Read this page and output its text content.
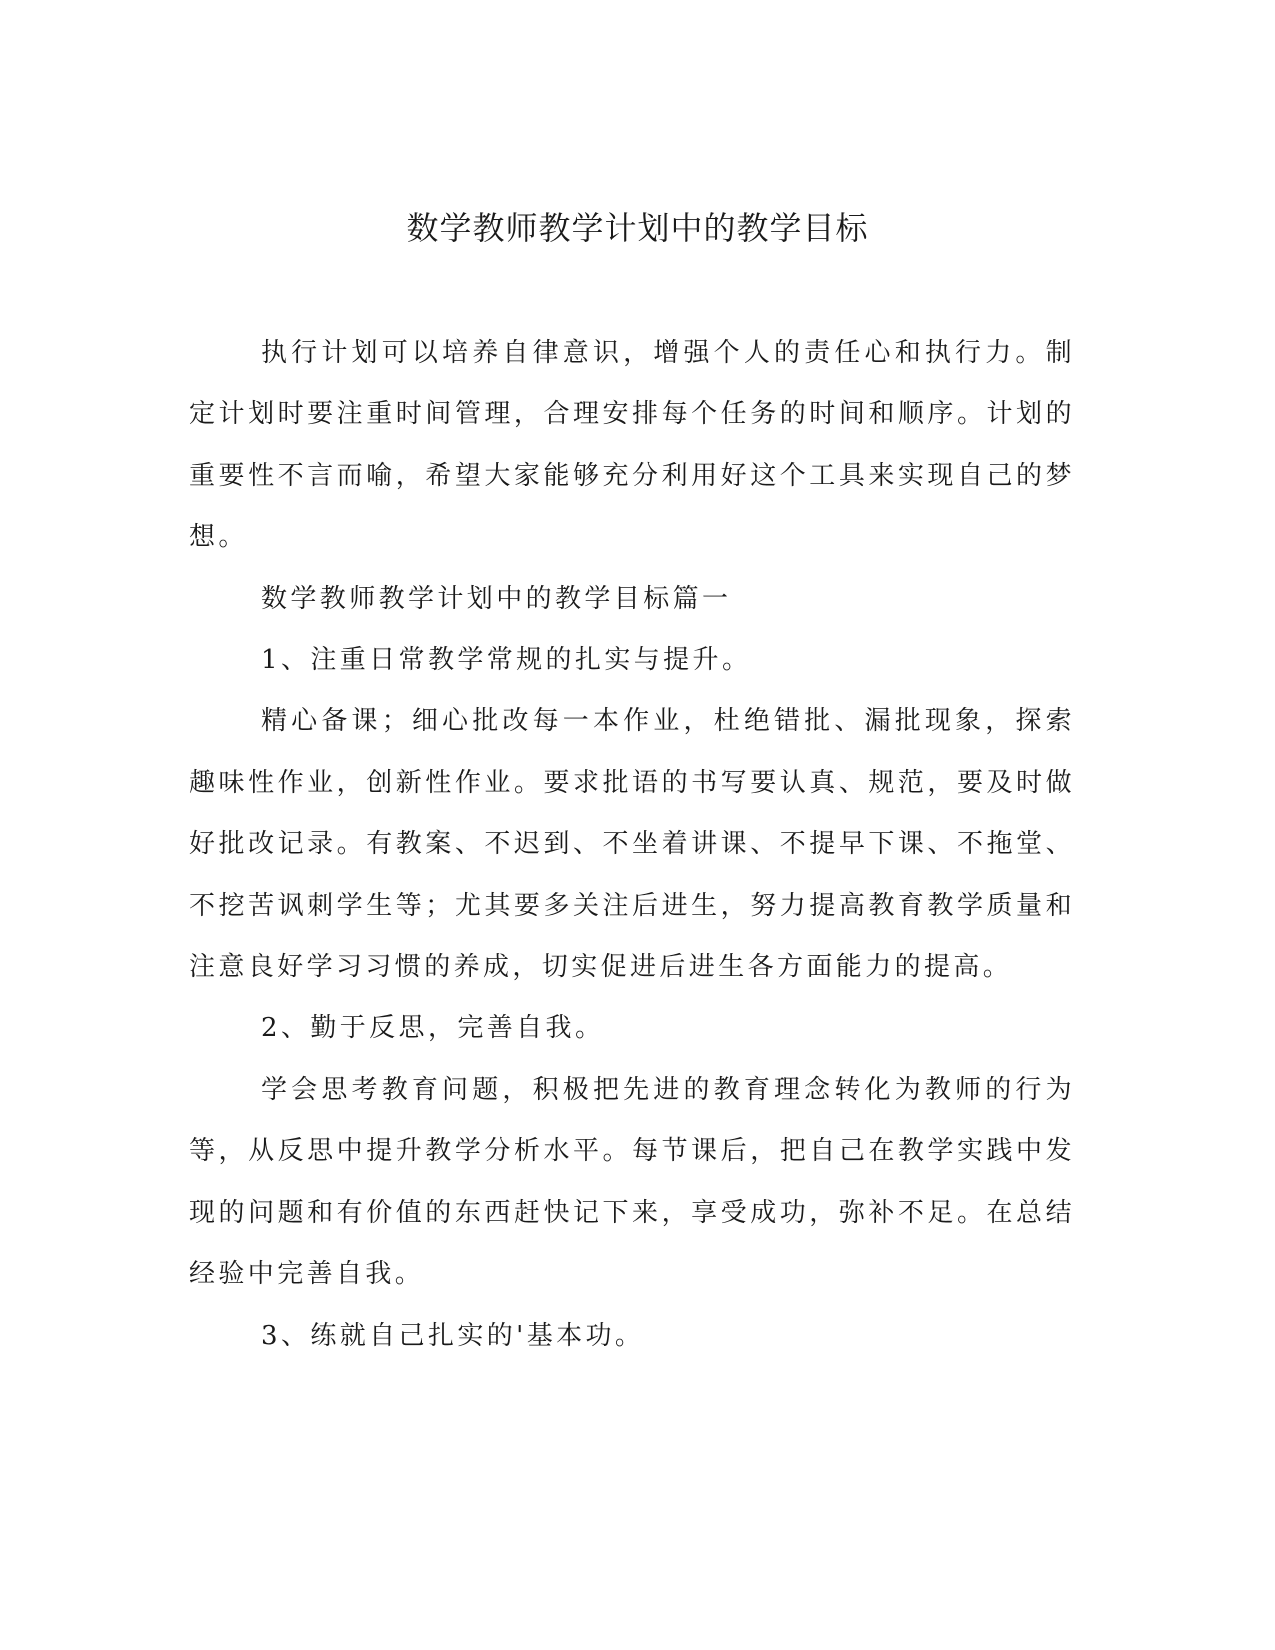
数学教师教学计划中的教学目标

执行计划可以培养自律意识，增强个人的责任心和执行力。制定计划时要注重时间管理，合理安排每个任务的时间和顺序。计划的重要性不言而喻，希望大家能够充分利用好这个工具来实现自己的梦想。

数学教师教学计划中的教学目标篇一

1、注重日常教学常规的扎实与提升。

精心备课；细心批改每一本作业，杜绝错批、漏批现象，探索趣味性作业，创新性作业。要求批语的书写要认真、规范，要及时做好批改记录。有教案、不迟到、不坐着讲课、不提早下课、不拖堂、不挖苦讽刺学生等；尤其要多关注后进生，努力提高教育教学质量和注意良好学习习惯的养成，切实促进后进生各方面能力的提高。

2、勤于反思，完善自我。

学会思考教育问题，积极把先进的教育理念转化为教师的行为等，从反思中提升教学分析水平。每节课后，把自己在教学实践中发现的问题和有价值的东西赶快记下来，享受成功，弥补不足。在总结经验中完善自我。

3、练就自己扎实的'基本功。
